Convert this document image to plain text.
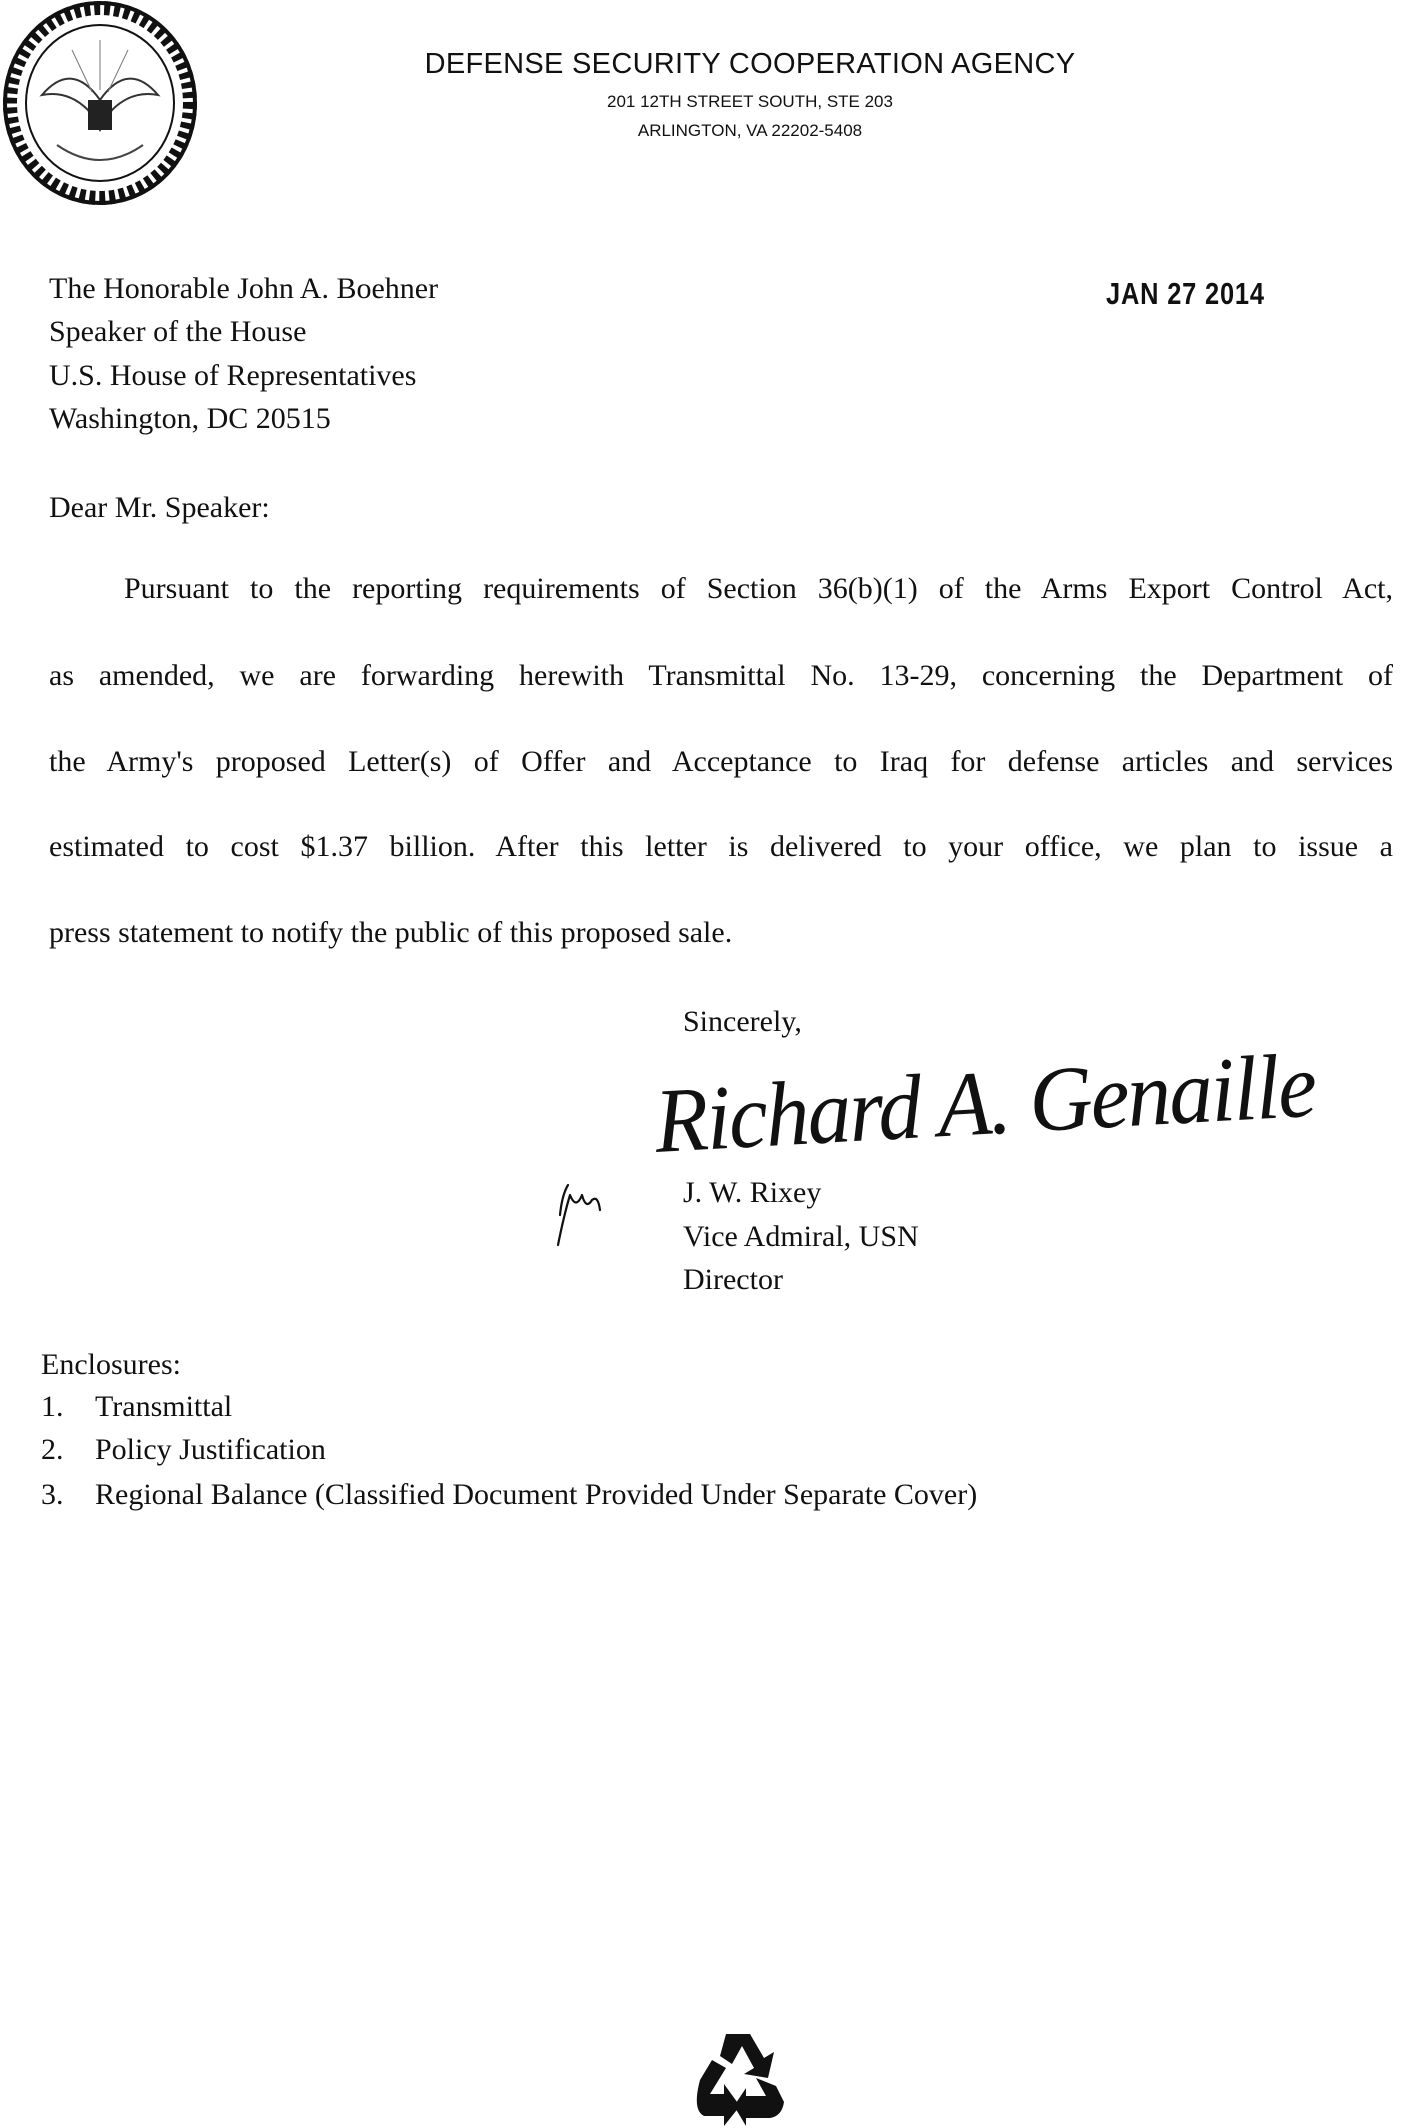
DEFENSE SECURITY COOPERATION AGENCY
201 12TH STREET SOUTH, STE 203
ARLINGTON, VA 22202-5408
JAN 27 2014
The Honorable John A. Boehner
Speaker of the House
U.S. House of Representatives
Washington, DC 20515
Dear Mr. Speaker:
Pursuant to the reporting requirements of Section 36(b)(1) of the Arms Export Control Act,
as amended, we are forwarding herewith Transmittal No. 13-29, concerning the Department of
the Army's proposed Letter(s) of Offer and Acceptance to Iraq for defense articles and services
estimated to cost $1.37 billion. After this letter is delivered to your office, we plan to issue a
press statement to notify the public of this proposed sale.
Sincerely,
Richard A. Genaille
J. W. Rixey
Vice Admiral, USN
Director
Enclosures:
1. Transmittal
2. Policy Justification
3. Regional Balance (Classified Document Provided Under Separate Cover)
